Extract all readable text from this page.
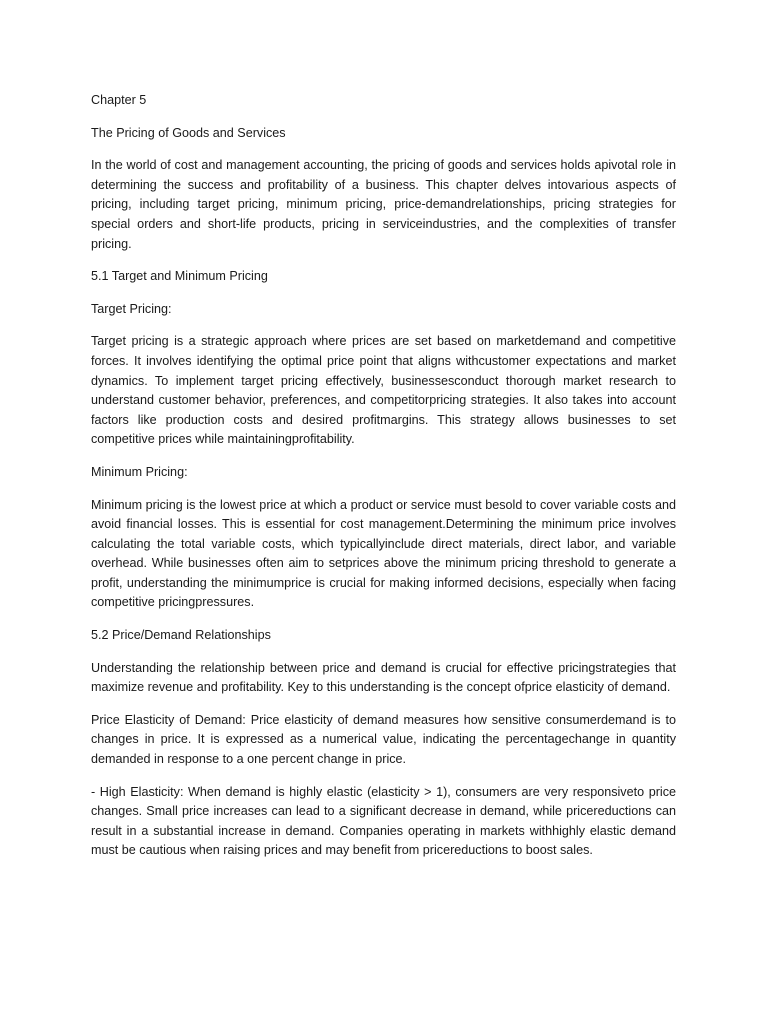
Chapter 5

The Pricing of Goods and Services

In the world of cost and management accounting, the pricing of goods and services holds apivotal role in determining the success and profitability of a business. This chapter delves intovarious aspects of pricing, including target pricing, minimum pricing, price-demandrelationships, pricing strategies for special orders and short-life products, pricing in serviceindustries, and the complexities of transfer pricing.

5.1 Target and Minimum Pricing

Target Pricing:

Target pricing is a strategic approach where prices are set based on marketdemand and competitive forces. It involves identifying the optimal price point that aligns withcustomer expectations and market dynamics. To implement target pricing effectively, businessesconduct thorough market research to understand customer behavior, preferences, and competitorpricing strategies. It also takes into account factors like production costs and desired profitmargins. This strategy allows businesses to set competitive prices while maintainingprofitability.

Minimum Pricing:

Minimum pricing is the lowest price at which a product or service must besold to cover variable costs and avoid financial losses. This is essential for cost management.Determining the minimum price involves calculating the total variable costs, which typicallyinclude direct materials, direct labor, and variable overhead. While businesses often aim to setprices above the minimum pricing threshold to generate a profit, understanding the minimumprice is crucial for making informed decisions, especially when facing competitive pricingpressures.

5.2 Price/Demand Relationships

Understanding the relationship between price and demand is crucial for effective pricingstrategies that maximize revenue and profitability. Key to this understanding is the concept ofprice elasticity of demand.

Price Elasticity of Demand: Price elasticity of demand measures how sensitive consumerdemand is to changes in price. It is expressed as a numerical value, indicating the percentagechange in quantity demanded in response to a one percent change in price.

- High Elasticity: When demand is highly elastic (elasticity > 1), consumers are very responsiveto price changes. Small price increases can lead to a significant decrease in demand, while pricereductions can result in a substantial increase in demand. Companies operating in markets withhighly elastic demand must be cautious when raising prices and may benefit from pricereductions to boost sales.
